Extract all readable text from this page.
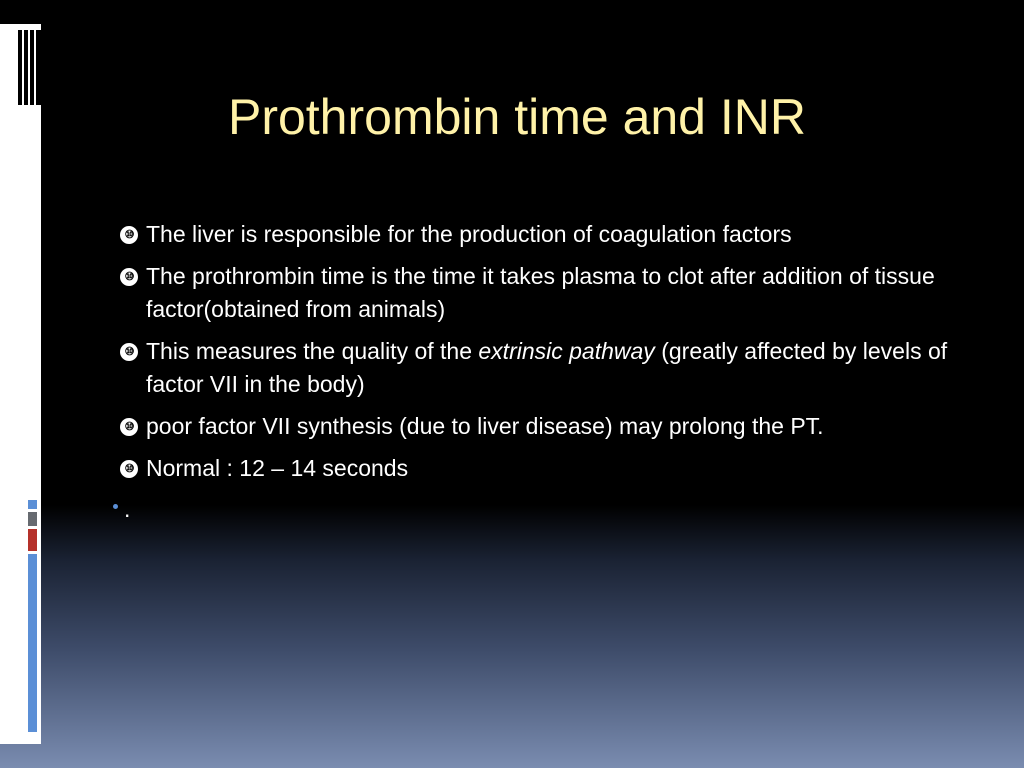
Prothrombin time and INR
⑩ The liver is responsible for the production of coagulation factors
⑩ The prothrombin time is the time it takes plasma to clot after addition of tissue factor(obtained from animals)
⑩ This measures the quality of the extrinsic pathway (greatly affected by levels of factor VII in the body)
⑩ poor factor VII synthesis (due to liver disease) may prolong the PT.
⑩ Normal : 12 – 14 seconds
.
